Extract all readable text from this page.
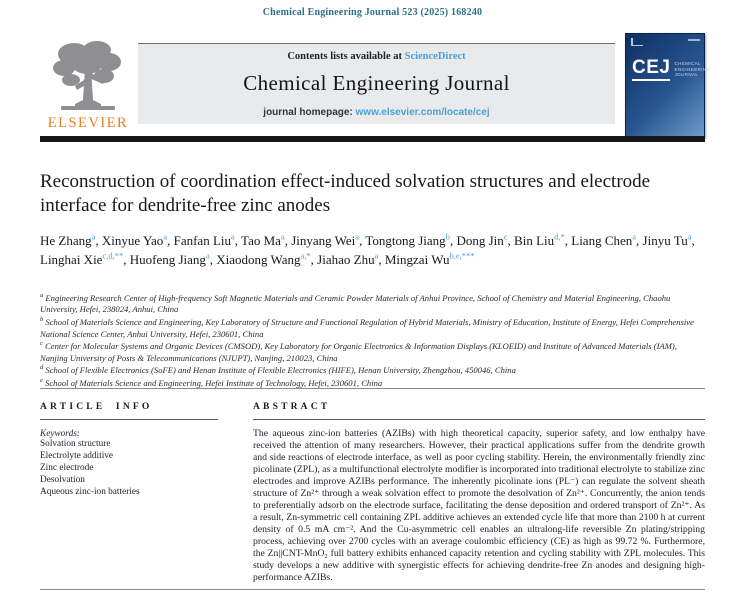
Chemical Engineering Journal 523 (2025) 168240
ELSEVIER
Contents lists available at ScienceDirect
Chemical Engineering Journal
journal homepage: www.elsevier.com/locate/cej
CEJ CHEMICAL
ENGINEERING
JOURNAL
Reconstruction of coordination effect-induced solvation structures and electrode interface for dendrite-free zinc anodes
He Zhang$^a$, Xinyue Yao$^a$, Fanfan Liu$^a$, Tao Ma$^a$, Jinyang Wei$^a$, Tongtong Jiang$^b$, Dong Jin$^c$, Bin Liu$^{d,*}$, Liang Chen$^a$, Jinyu Tu$^a$, Linghai Xie$^{c,d,**}$, Huofeng Jiang$^a$, Xiaodong Wang$^{a,*}$, Jiahao Zhu$^a$, Mingzai $Wu^{b,e,***}$
$^a$ Engineering Research Center of High-frequency Soft Magnetic Materials and Ceramic Powder Materials of Anhui Province, School of Chemistry and Material Engineering, Chaohu University, Hefei, 238024, Anhui, China
$^b$ School of Materials Science and Engineering, Key Laboratory of Structure and Functional Regulation of Hybrid Materials, Ministry of Education, Institute of Energy, Hefei Comprehensive National Science Center, Anhui University, Hefei, 230601, China
$^c$ Center for Molecular Systems and Organic Devices (CMSOD), Key Laboratory for Organic Electronics & Information Displays (KLOEID) and Institute of Advanced Materials (IAM), Nanjing University of Posts & Telecommunications (NJUPT), Nanjing, 210023, China
$^d$ School of Flexible Electronics (SoFE) and Henan Institute of Flexible Electronics (HIFE), Henan University, Zhengzhou, 450046, China
$^e$ School of Materials Science and Engineering, Hefei Institute of Technology, Hefei, 230601, China
ARTICLE INFO
Keywords:
Solvation structure
Electrolyte additive
Zinc electrode
Desolvation
Aqueous zinc-ion batteries
ABSTRACT
The aqueous zinc-ion batteries (AZIBs) with high theoretical capacity, superior safety, and low enthalpy have received the attention of many researchers. However, their practical applications suffer from the dendrite growth and side reactions of electrode interface, as well as poor cycling stability. Herein, the environmentally friendly zinc picolinate (ZPL), as a multifunctional electrolyte modifier is incorporated into traditional electrolyte to stabilize zinc electrodes and improve AZIBs performance. The inherently picolinate ions (PL⁻) can regulate the solvent sheath structure of Zn²⁺ through a weak solvation effect to promote the desolvation of Zn²⁺. Concurrently, the anion tends to preferentially adsorb on the electrode surface, facilitating the dense deposition and ordered transport of Zn²⁺. As a result, Zn-symmetric cell containing ZPL additive achieves an extended cycle life that more than 2100 h at current density of 0.5 mA cm⁻². And the Cu-asymmetric cell enables an ultralong-life reversible Zn plating/stripping process, achieving over 2700 cycles with an average coulombic efficiency (CE) as high as 99.72 %. Furthermore, the Zn||CNT-MnO₂ full battery exhibits enhanced capacity retention and cycling stability with ZPL molecules. This study develops a new additive with synergistic effects for achieving dendrite-free Zn anodes and designing high-performance AZIBs.
